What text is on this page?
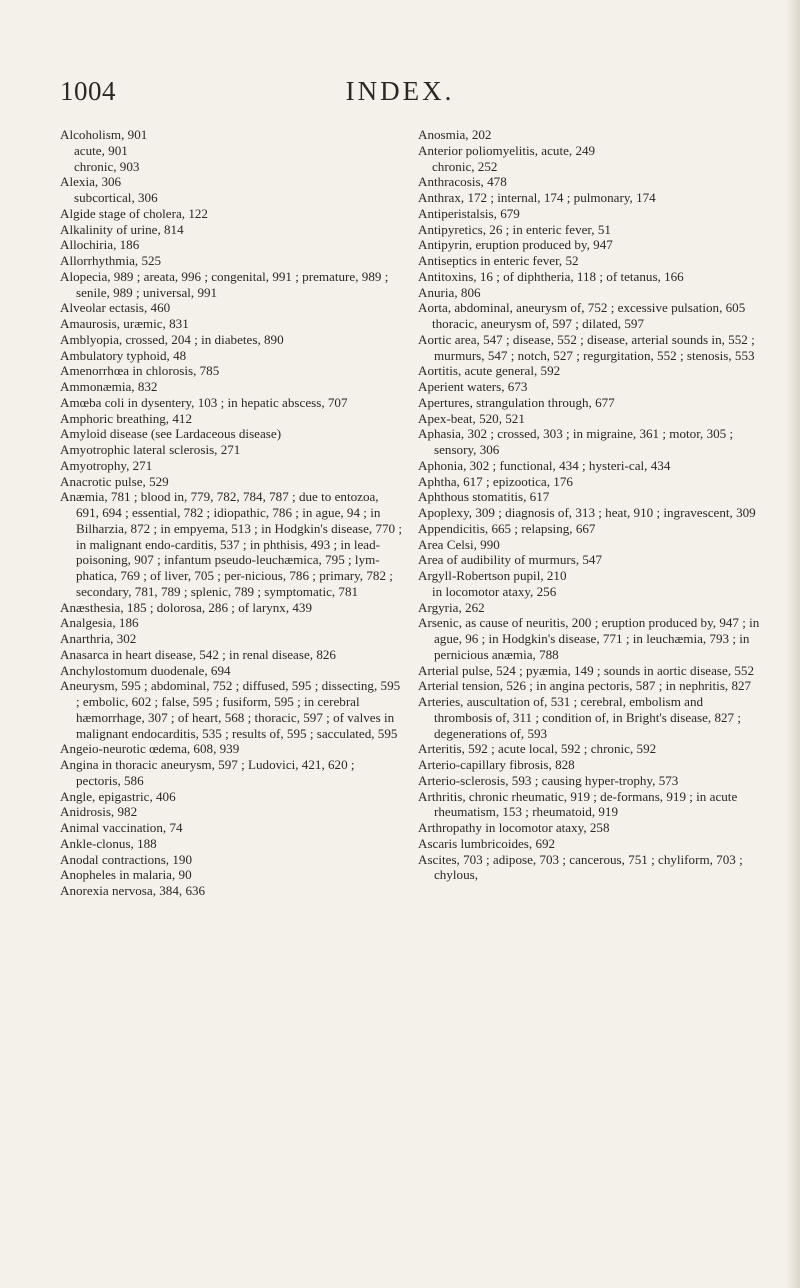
1004	INDEX.

Alcoholism, 901

acute, 901

chronic, 903

Alexia, 306

subcortical, 306

Algide stage of cholera, 122

Alkalinity of urine, 814

Allochiria, 186

Allorrhythmia, 525

Alopecia, 989 ; areata, 996 ; congenital, 991 ; premature, 989 ; senile, 989 ; universal, 991

Alveolar ectasis, 460

Amaurosis, uræmic, 831

Amblyopia, crossed, 204 ; in diabetes, 890

Ambulatory typhoid, 48

Amenorrhœa in chlorosis, 785

Ammonæmia, 832

Amœba coli in dysentery, 103 ; in hepatic abscess, 707

Amphoric breathing, 412

Amyloid disease (see Lardaceous disease)

Amyotrophic lateral sclerosis, 271

Amyotrophy, 271

Anacrotic pulse, 529

Anæmia, 781 ; blood in, 779, 782, 784, 787 ; due to entozoa, 691, 694 ; essential, 782 ; idiopathic, 786 ; in ague, 94 ; in Bilharzia, 872 ; in empyema, 513 ; in Hodgkin's disease, 770 ; in malignant endo-carditis, 537 ; in phthisis, 493 ; in lead-poisoning, 907 ; infantum pseudo-leuchæmica, 795 ; lym-phatica, 769 ; of liver, 705 ; per-nicious, 786 ; primary, 782 ; secondary, 781, 789 ; splenic, 789 ; symptomatic, 781

Anæsthesia, 185 ; dolorosa, 286 ; of larynx, 439

Analgesia, 186

Anarthria, 302

Anasarca in heart disease, 542 ; in renal disease, 826

Anchylostomum duodenale, 694

Aneurysm, 595 ; abdominal, 752 ; diffused, 595 ; dissecting, 595 ; embolic, 602 ; false, 595 ; fusiform, 595 ; in cerebral hæmorrhage, 307 ; of heart, 568 ; thoracic, 597 ; of valves in malignant endocarditis, 535 ; results of, 595 ; sacculated, 595

Angeio-neurotic œdema, 608, 939

Angina in thoracic aneurysm, 597 ; Ludovici, 421, 620 ; pectoris, 586

Angle, epigastric, 406

Anidrosis, 982

Animal vaccination, 74

Ankle-clonus, 188

Anodal contractions, 190

Anopheles in malaria, 90

Anorexia nervosa, 384, 636

Anosmia, 202

Anterior poliomyelitis, acute, 249

chronic, 252

Anthracosis, 478

Anthrax, 172 ; internal, 174 ; pulmonary, 174

Antiperistalsis, 679

Antipyretics, 26 ; in enteric fever, 51

Antipyrin, eruption produced by, 947

Antiseptics in enteric fever, 52

Antitoxins, 16 ; of diphtheria, 118 ; of tetanus, 166

Anuria, 806

Aorta, abdominal, aneurysm of, 752 ; excessive pulsation, 605

thoracic, aneurysm of, 597 ; dilated, 597

Aortic area, 547 ; disease, 552 ; disease, arterial sounds in, 552 ; murmurs, 547 ; notch, 527 ; regurgitation, 552 ; stenosis, 553

Aortitis, acute general, 592

Aperient waters, 673

Apertures, strangulation through, 677

Apex-beat, 520, 521

Aphasia, 302 ; crossed, 303 ; in migraine, 361 ; motor, 305 ; sensory, 306

Aphonia, 302 ; functional, 434 ; hysteri-cal, 434

Aphtha, 617 ; epizootica, 176

Aphthous stomatitis, 617

Apoplexy, 309 ; diagnosis of, 313 ; heat, 910 ; ingravescent, 309

Appendicitis, 665 ; relapsing, 667

Area Celsi, 990

Area of audibility of murmurs, 547

Argyll-Robertson pupil, 210

in locomotor ataxy, 256

Argyria, 262

Arsenic, as cause of neuritis, 200 ; eruption produced by, 947 ; in ague, 96 ; in Hodgkin's disease, 771 ; in leuchæmia, 793 ; in pernicious anæmia, 788

Arterial pulse, 524 ; pyæmia, 149 ; sounds in aortic disease, 552

Arterial tension, 526 ; in angina pectoris, 587 ; in nephritis, 827

Arteries, auscultation of, 531 ; cerebral, embolism and thrombosis of, 311 ; condition of, in Bright's disease, 827 ; degenerations of, 593

Arteritis, 592 ; acute local, 592 ; chronic, 592

Arterio-capillary fibrosis, 828

Arterio-sclerosis, 593 ; causing hyper-trophy, 573

Arthritis, chronic rheumatic, 919 ; de-formans, 919 ; in acute rheumatism, 153 ; rheumatoid, 919

Arthropathy in locomotor ataxy, 258

Ascaris lumbricoides, 692

Ascites, 703 ; adipose, 703 ; cancerous, 751 ; chyliform, 703 ; chylous,
